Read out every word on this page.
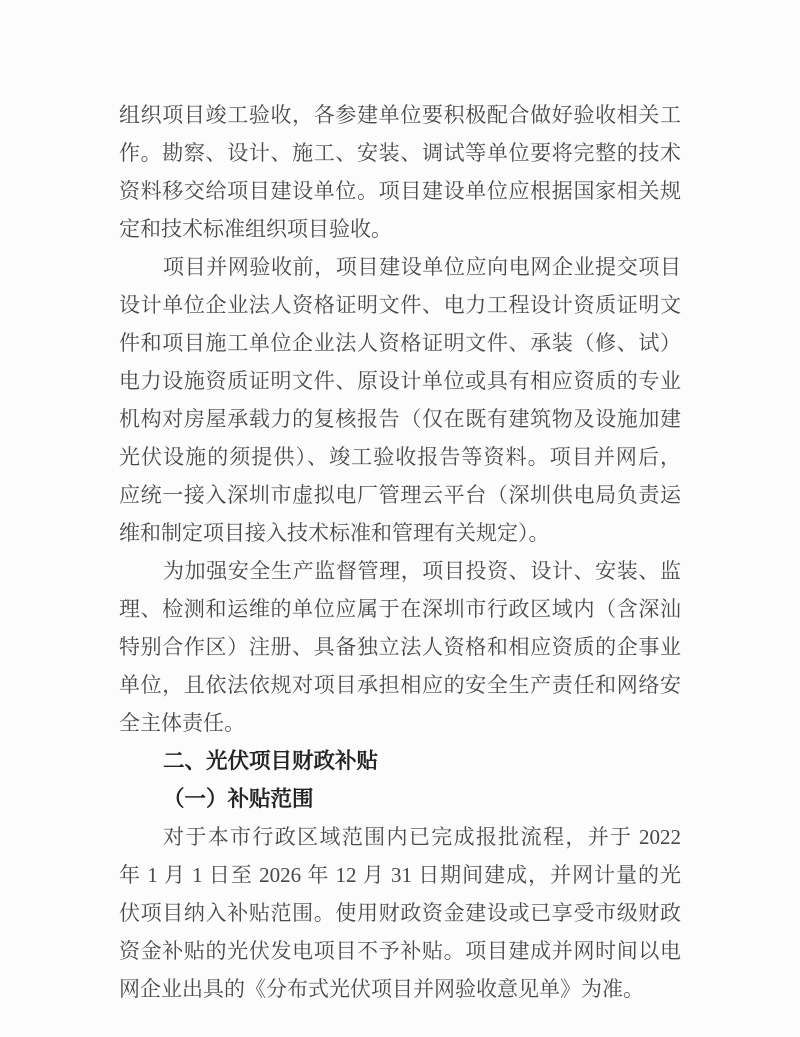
组织项目竣工验收，各参建单位要积极配合做好验收相关工
作。勘察、设计、施工、安装、调试等单位要将完整的技术
资料移交给项目建设单位。项目建设单位应根据国家相关规
定和技术标准组织项目验收。
项目并网验收前，项目建设单位应向电网企业提交项目
设计单位企业法人资格证明文件、电力工程设计资质证明文
件和项目施工单位企业法人资格证明文件、承装（修、试）
电力设施资质证明文件、原设计单位或具有相应资质的专业
机构对房屋承载力的复核报告（仅在既有建筑物及设施加建
光伏设施的须提供）、竣工验收报告等资料。项目并网后，
应统一接入深圳市虚拟电厂管理云平台（深圳供电局负责运
维和制定项目接入技术标准和管理有关规定）。
为加强安全生产监督管理，项目投资、设计、安装、监
理、检测和运维的单位应属于在深圳市行政区域内（含深汕
特别合作区）注册、具备独立法人资格和相应资质的企事业
单位，且依法依规对项目承担相应的安全生产责任和网络安
全主体责任。
二、光伏项目财政补贴
（一）补贴范围
对于本市行政区域范围内已完成报批流程，并于 2022
年 1 月 1 日至 2026 年 12 月 31 日期间建成，并网计量的光
伏项目纳入补贴范围。使用财政资金建设或已享受市级财政
资金补贴的光伏发电项目不予补贴。项目建成并网时间以电
网企业出具的《分布式光伏项目并网验收意见单》为准。
